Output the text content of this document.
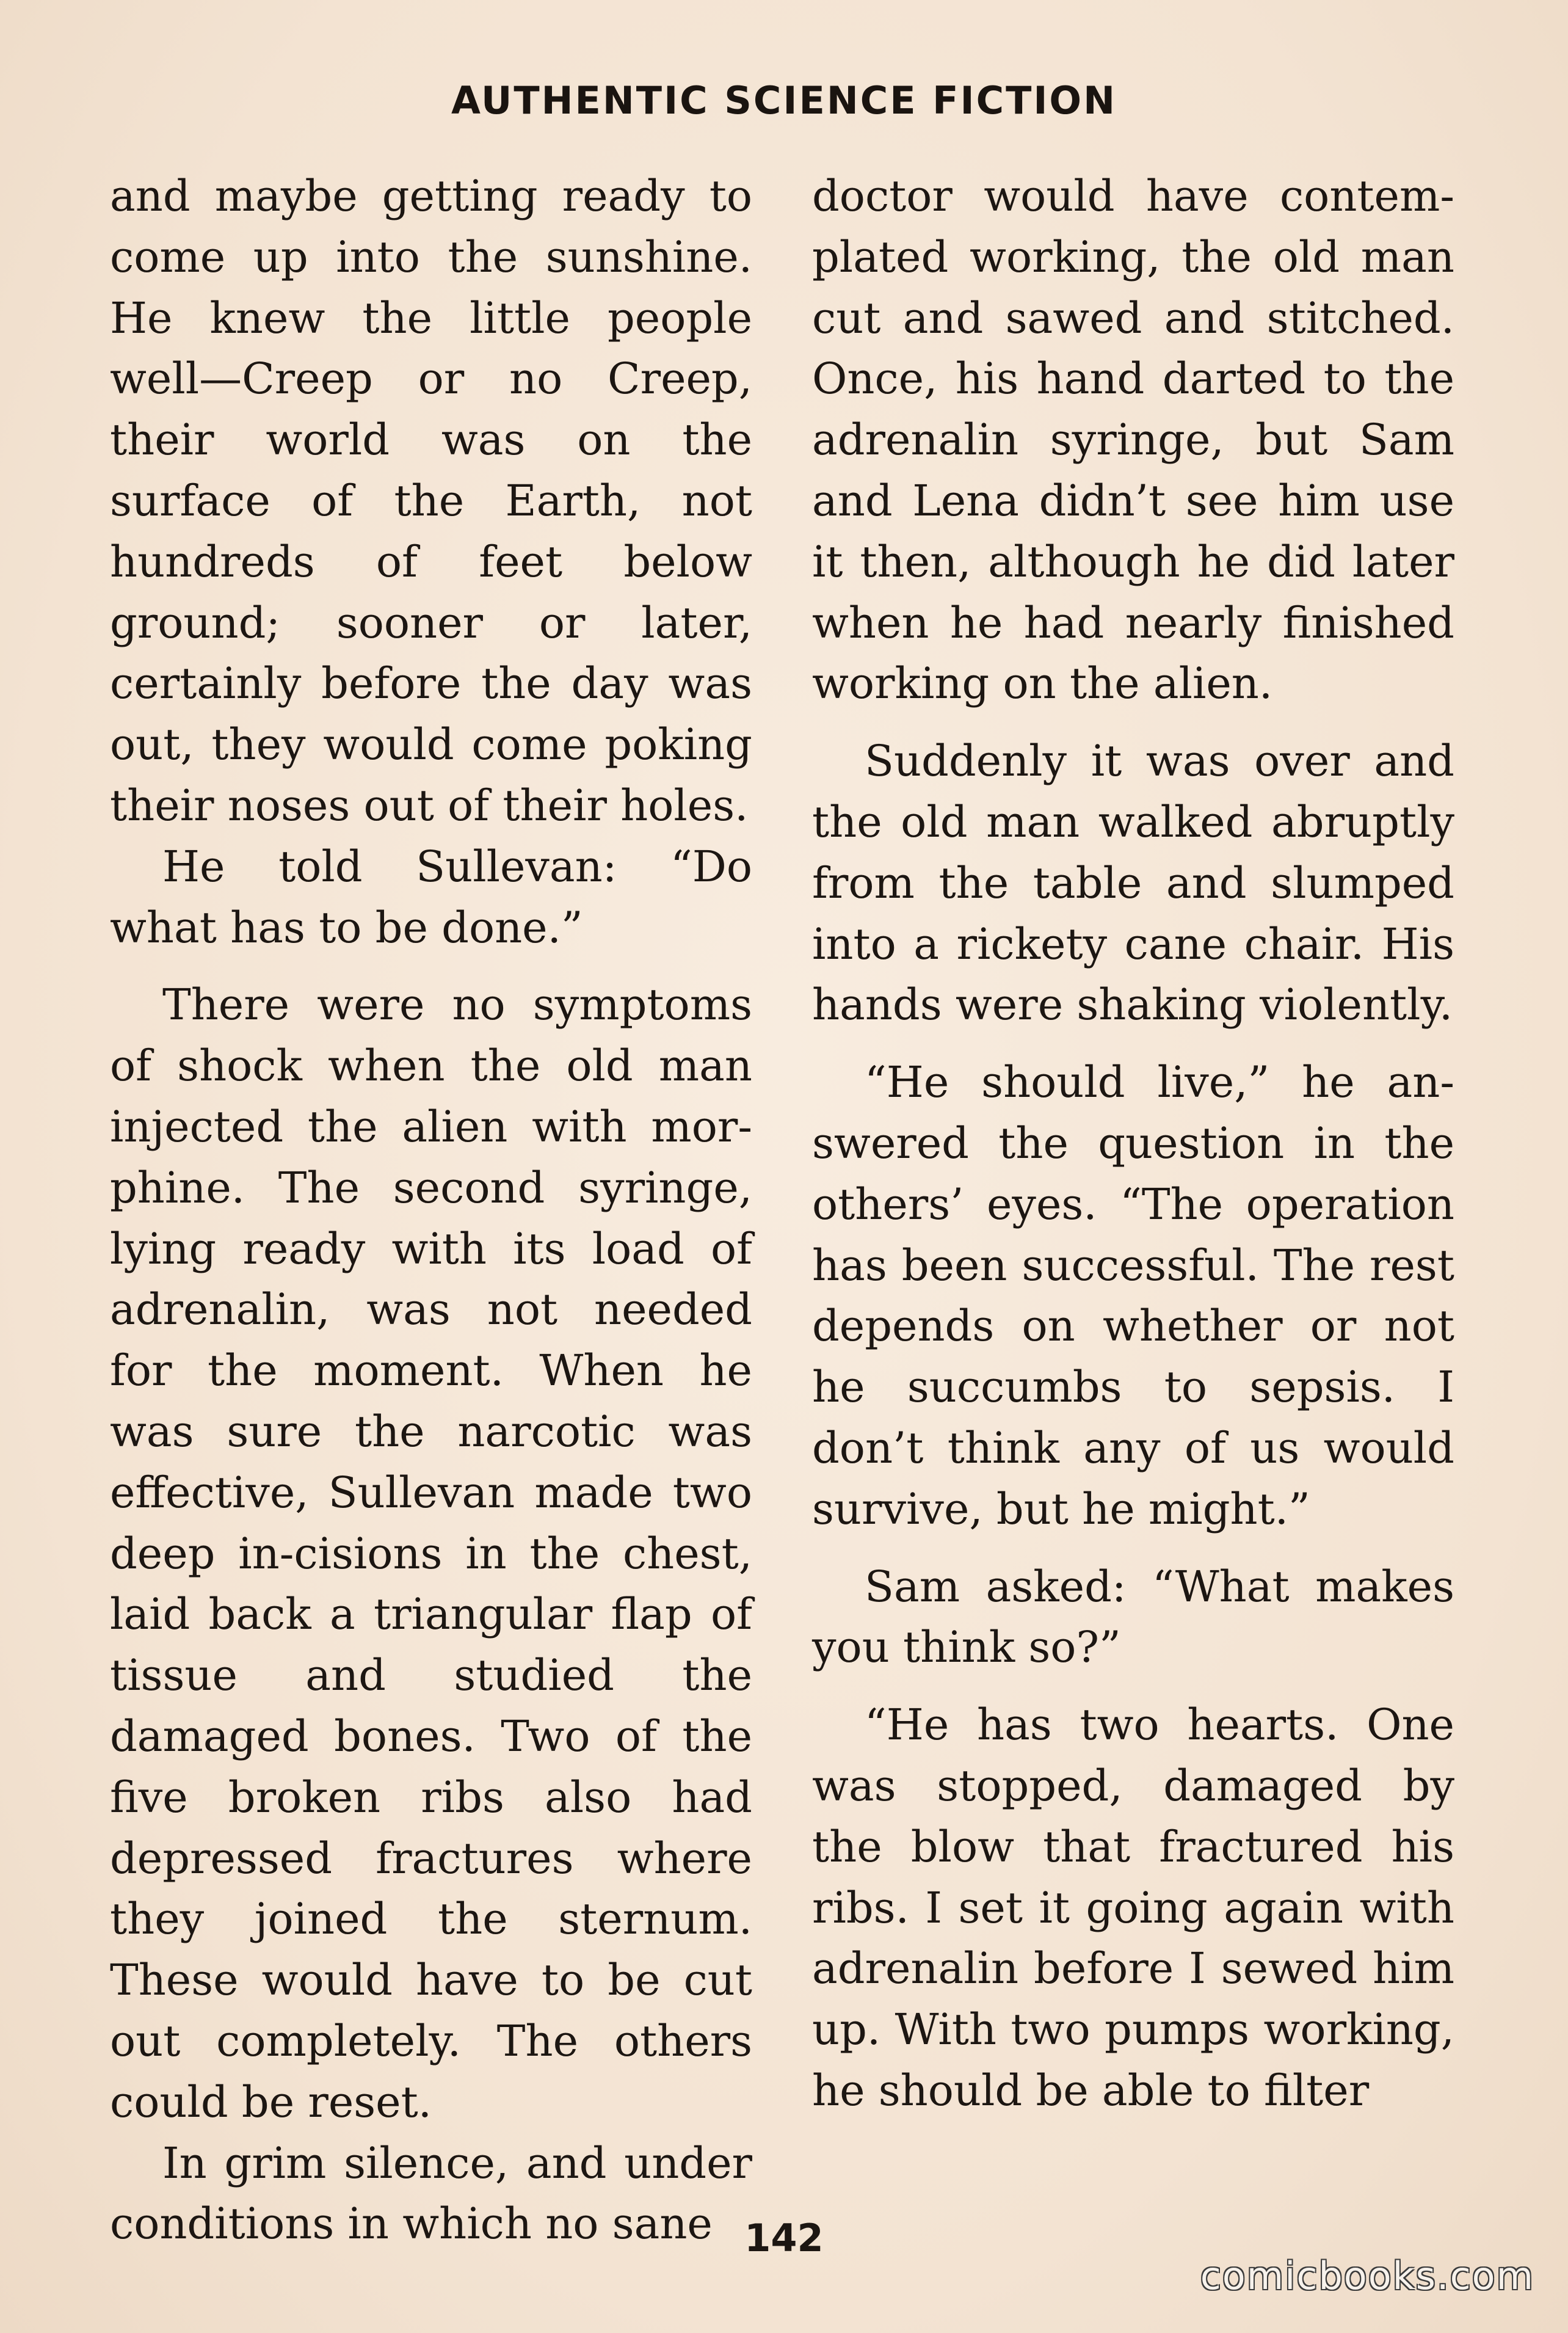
AUTHENTIC SCIENCE FICTION

and maybe getting ready to come up into the sunshine. He knew the little people well—Creep or no Creep, their world was on the surface of the Earth, not hundreds of feet below ground; sooner or later, certainly before the day was out, they would come poking their noses out of their holes.

He told Sullevan: “Do what has to be done.”

There were no symptoms of shock when the old man injected the alien with mor-phine. The second syringe, lying ready with its load of adrenalin, was not needed for the moment. When he was sure the narcotic was effective, Sullevan made two deep in-cisions in the chest, laid back a triangular flap of tissue and studied the damaged bones. Two of the five broken ribs also had depressed fractures where they joined the sternum. These would have to be cut out completely. The others could be reset.

In grim silence, and under conditions in which no sane

doctor would have contem-plated working, the old man cut and sawed and stitched. Once, his hand darted to the adrenalin syringe, but Sam and Lena didn’t see him use it then, although he did later when he had nearly finished working on the alien.

Suddenly it was over and the old man walked abruptly from the table and slumped into a rickety cane chair. His hands were shaking violently.

“He should live,” he an-swered the question in the others’ eyes. “The operation has been successful. The rest depends on whether or not he succumbs to sepsis. I don’t think any of us would survive, but he might.”

Sam asked: “What makes you think so?”

“He has two hearts. One was stopped, damaged by the blow that fractured his ribs. I set it going again with adrenalin before I sewed him up. With two pumps working, he should be able to filter

142
comicbooks.com
